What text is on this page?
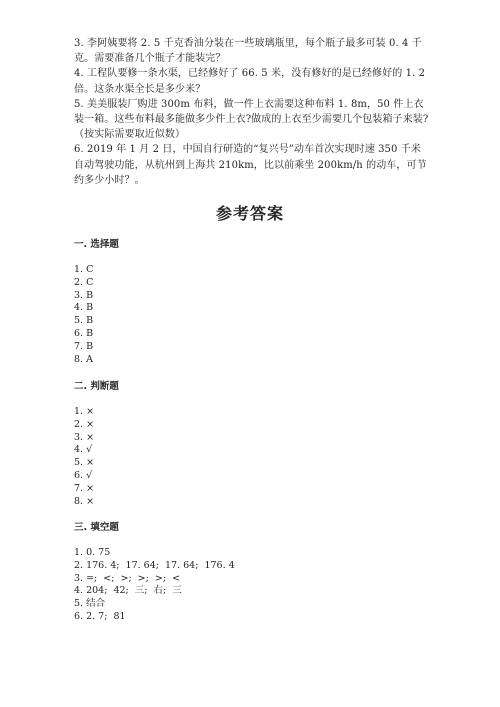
3. 李阿姨要将 2. 5 千克香油分装在一些玻璃瓶里，每个瓶子最多可装 0. 4 千克。需要准备几个瓶子才能装完？

4. 工程队要修一条水渠，已经修好了 66. 5 米，没有修好的是已经修好的 1. 2 倍。这条水渠全长是多少米？

5. 美美服装厂购进 300m 布料，做一件上衣需要这种布料 1. 8m，50 件上衣装一箱。这些布料最多能做多少件上衣?做成的上衣至少需要几个包装箱子来装?（按实际需要取近似数）

6. 2019 年 1 月 2 日，中国自行研造的“复兴号”动车首次实现时速 350 千米自动驾驶功能，从杭州到上海共 210km，比以前乘坐 200km/h 的动车，可节约多少小时？。

参考答案
一. 选择题
1. C
2. C
3. B
4. B
5. B
6. B
7. B
8. A
二. 判断题
1. ×
2. ×
3. ×
4. √
5. ×
6. √
7. ×
8. ×
三. 填空题
1. 0. 75
2. 176. 4;  17. 64;  17. 64;  176. 4
3. =;  <;  >;  >;  >;  <
4. 204;  42;  三;  右;  三
5. 结合
6. 2. 7;  81
